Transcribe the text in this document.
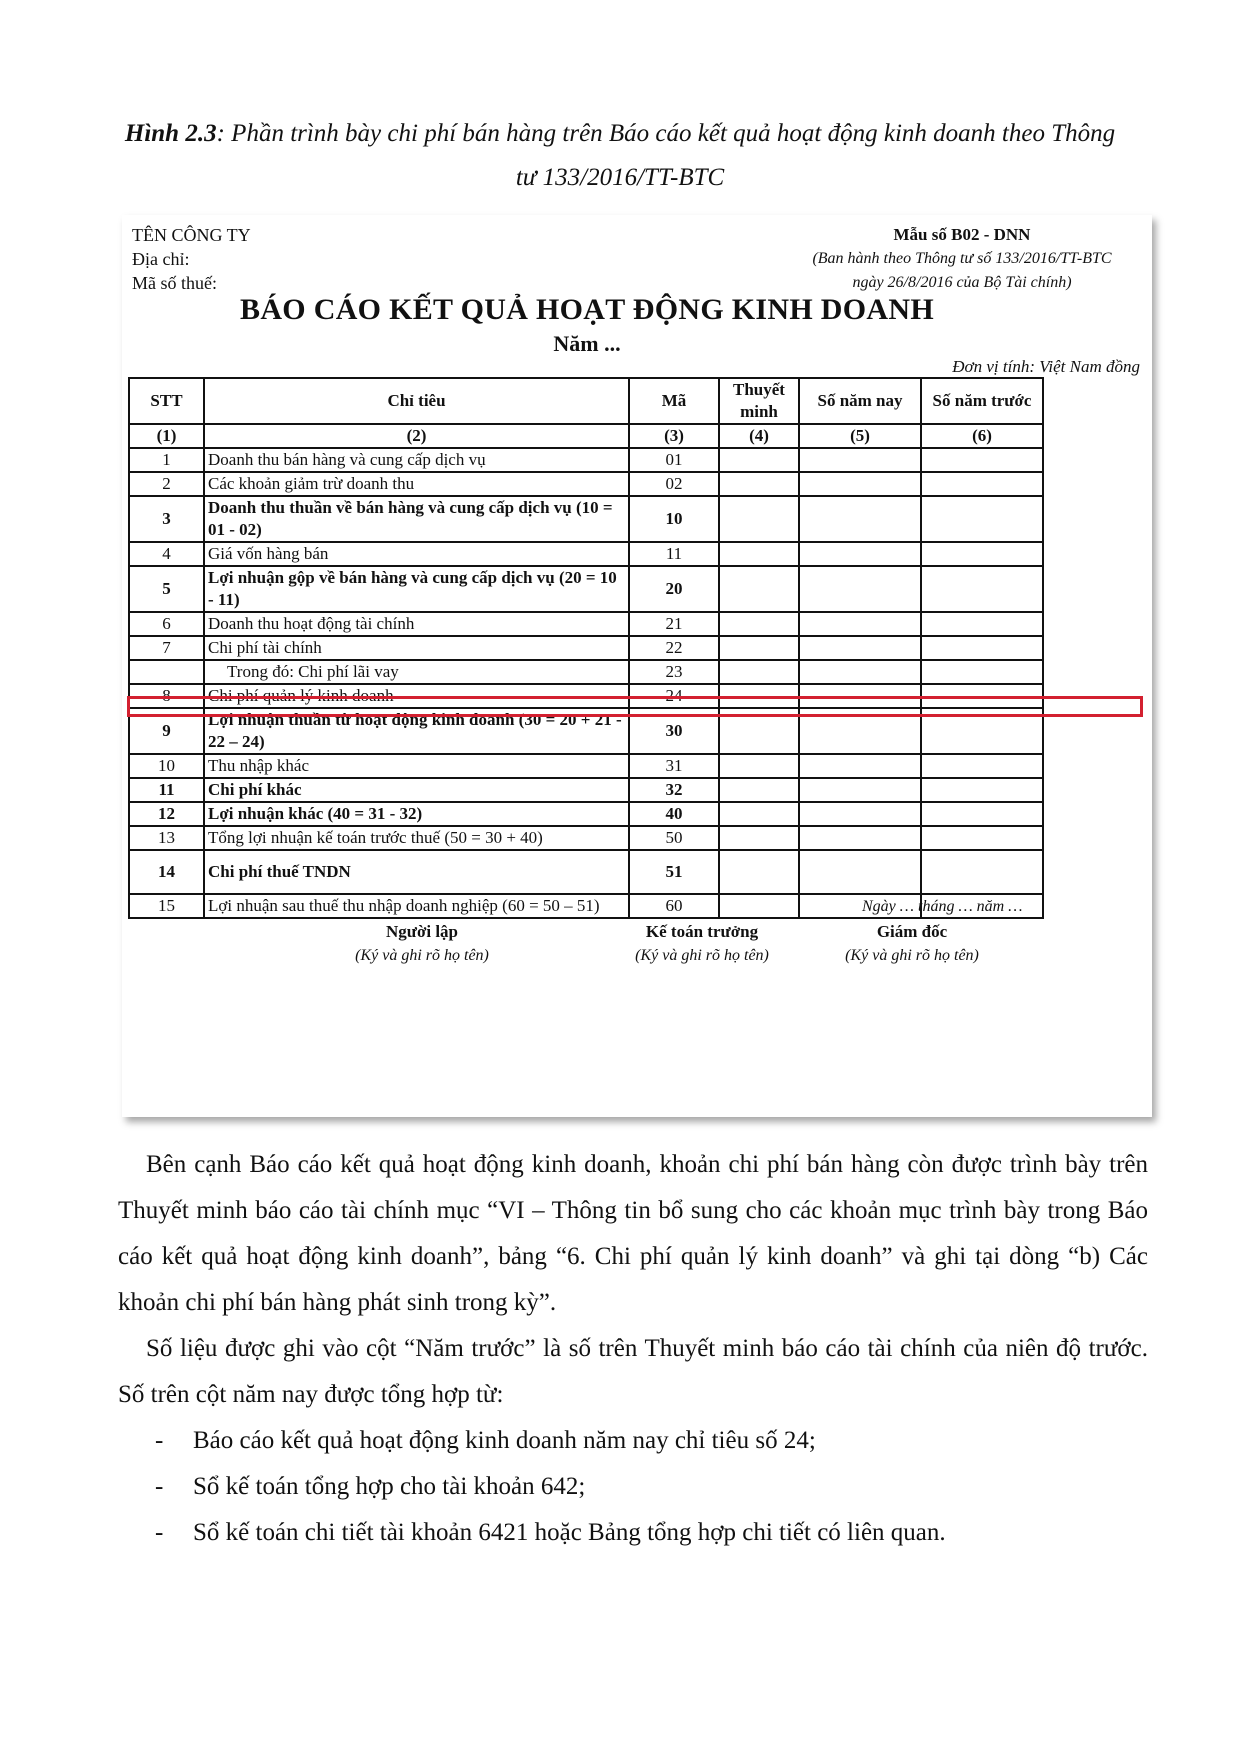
Hình 2.3: Phần trình bày chi phí bán hàng trên Báo cáo kết quả hoạt động kinh doanh theo Thông tư 133/2016/TT-BTC
TÊN CÔNG TY
Địa chỉ:
Mã số thuế:
Mẫu số B02 - DNN
(Ban hành theo Thông tư số 133/2016/TT-BTC
ngày 26/8/2016 của Bộ Tài chính)
BÁO CÁO KẾT QUẢ HOẠT ĐỘNG KINH DOANH
Năm ...
Đơn vị tính: Việt Nam đồng
STT	Chỉ tiêu	Mã	Thuyết minh	Số năm nay	Số năm trước
(1)	(2)	(3)	(4)	(5)	(6)
1	Doanh thu bán hàng và cung cấp dịch vụ	01			
2	Các khoản giảm trừ doanh thu	02			
3	Doanh thu thuần về bán hàng và cung cấp dịch vụ (10 = 01 - 02)	10			
4	Giá vốn hàng bán	11			
5	Lợi nhuận gộp về bán hàng và cung cấp dịch vụ (20 = 10 - 11)	20			
6	Doanh thu hoạt động tài chính	21			
7	Chi phí tài chính	22			
	Trong đó: Chi phí lãi vay	23			
8	Chi phí quản lý kinh doanh	24			
9	Lợi nhuận thuần từ hoạt động kinh doanh (30 = 20 + 21 - 22 – 24)	30			
10	Thu nhập khác	31			
11	Chi phí khác	32			
12	Lợi nhuận khác (40 = 31 - 32)	40			
13	Tổng lợi nhuận kế toán trước thuế (50 = 30 + 40)	50			
14	Chi phí thuế TNDN	51			
15	Lợi nhuận sau thuế thu nhập doanh nghiệp (60 = 50 – 51)	60				Ngày … tháng … năm …
Người lập
(Ký và ghi rõ họ tên)
Kế toán trưởng
(Ký và ghi rõ họ tên)
Giám đốc
(Ký và ghi rõ họ tên)
Bên cạnh Báo cáo kết quả hoạt động kinh doanh, khoản chi phí bán hàng còn được trình bày trên Thuyết minh báo cáo tài chính mục “VI – Thông tin bổ sung cho các khoản mục trình bày trong Báo cáo kết quả hoạt động kinh doanh”, bảng “6. Chi phí quản lý kinh doanh” và ghi tại dòng “b) Các khoản chi phí bán hàng phát sinh trong kỳ”.
Số liệu được ghi vào cột “Năm trước” là số trên Thuyết minh báo cáo tài chính của niên độ trước. Số trên cột năm nay được tổng hợp từ:
- Báo cáo kết quả hoạt động kinh doanh năm nay chỉ tiêu số 24;
- Sổ kế toán tổng hợp cho tài khoản 642;
- Sổ kế toán chi tiết tài khoản 6421 hoặc Bảng tổng hợp chi tiết có liên quan.
